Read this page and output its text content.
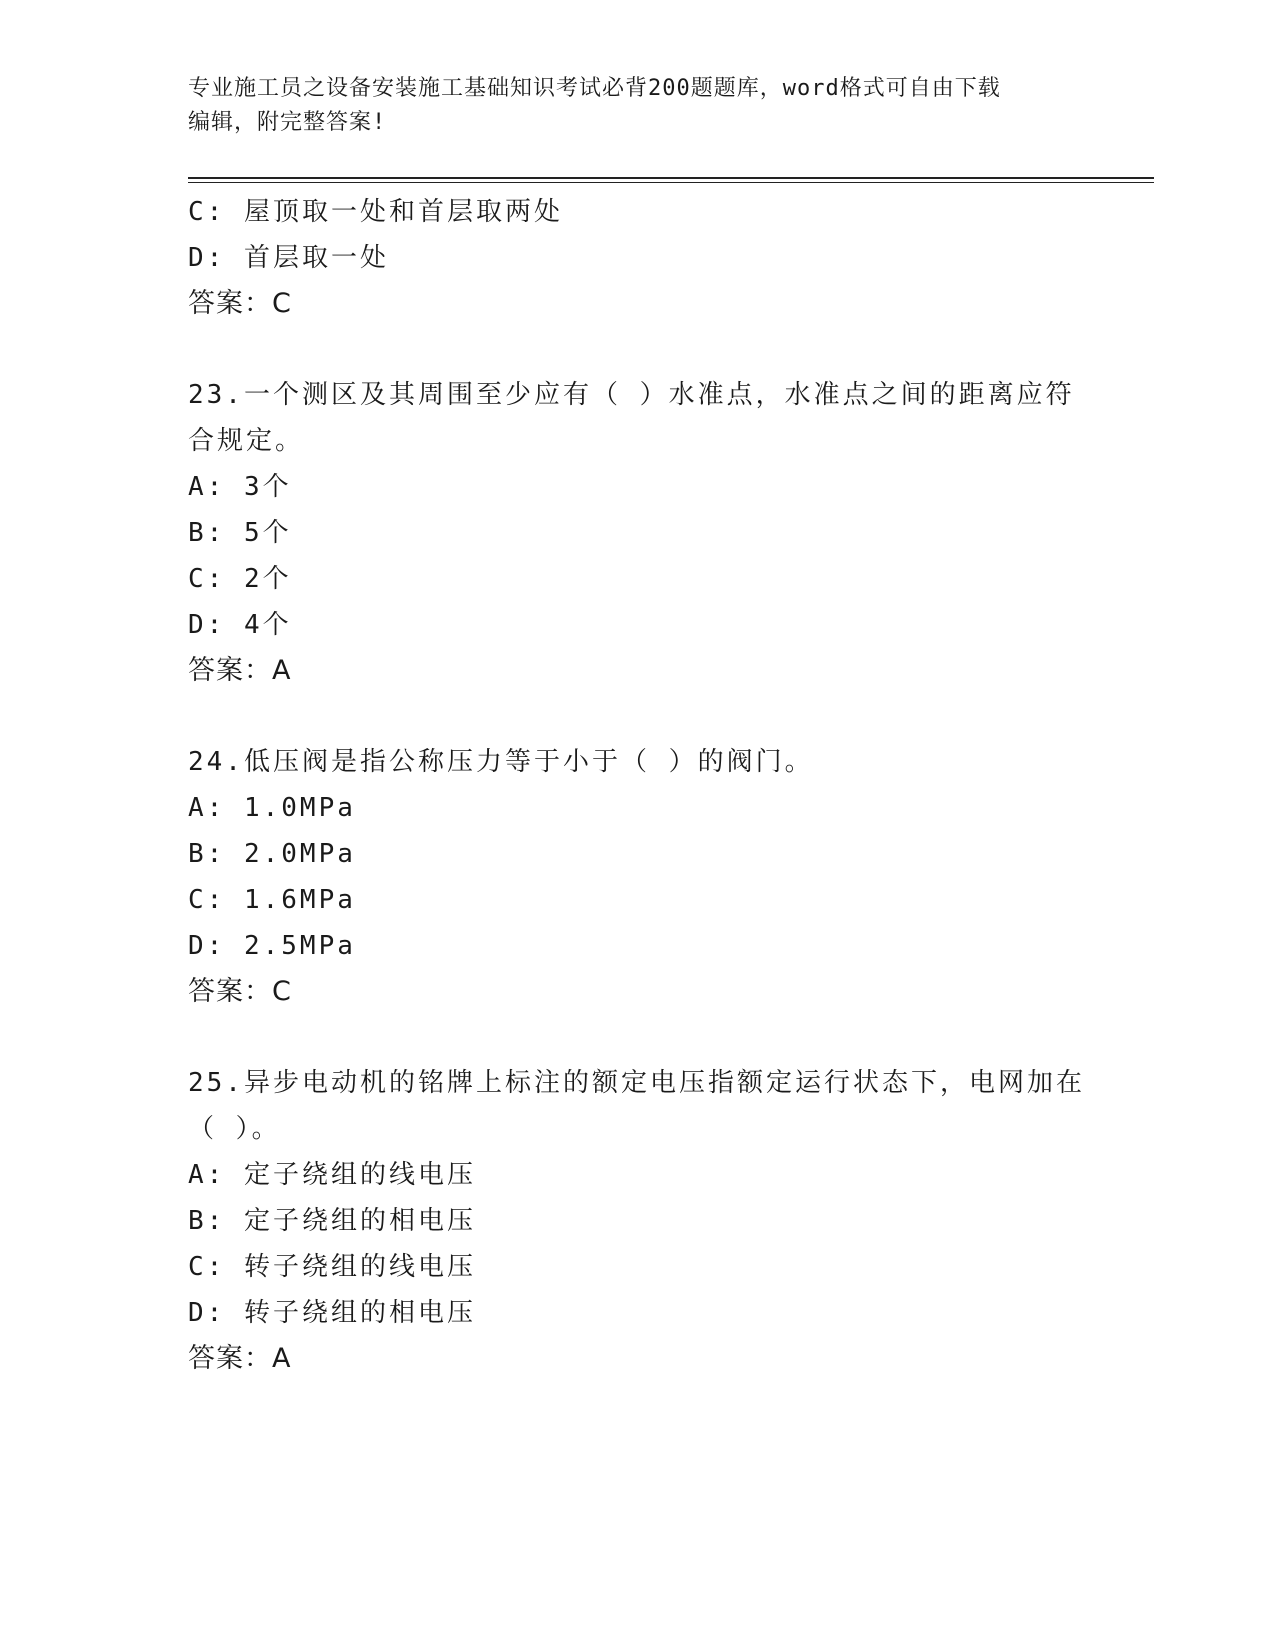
专业施工员之设备安装施工基础知识考试必背200题题库，word格式可自由下载
编辑，附完整答案!
C: 屋顶取一处和首层取两处
D: 首层取一处
答案：C
23.一个测区及其周围至少应有（ ）水准点，水准点之间的距离应符
合规定。
A: 3个
B: 5个
C: 2个
D: 4个
答案：A
24.低压阀是指公称压力等于小于（ ）的阀门。
A: 1.0MPa
B: 2.0MPa
C: 1.6MPa
D: 2.5MPa
答案：C
25.异步电动机的铭牌上标注的额定电压指额定运行状态下，电网加在
（ ）。
A: 定子绕组的线电压
B: 定子绕组的相电压
C: 转子绕组的线电压
D: 转子绕组的相电压
答案：A
